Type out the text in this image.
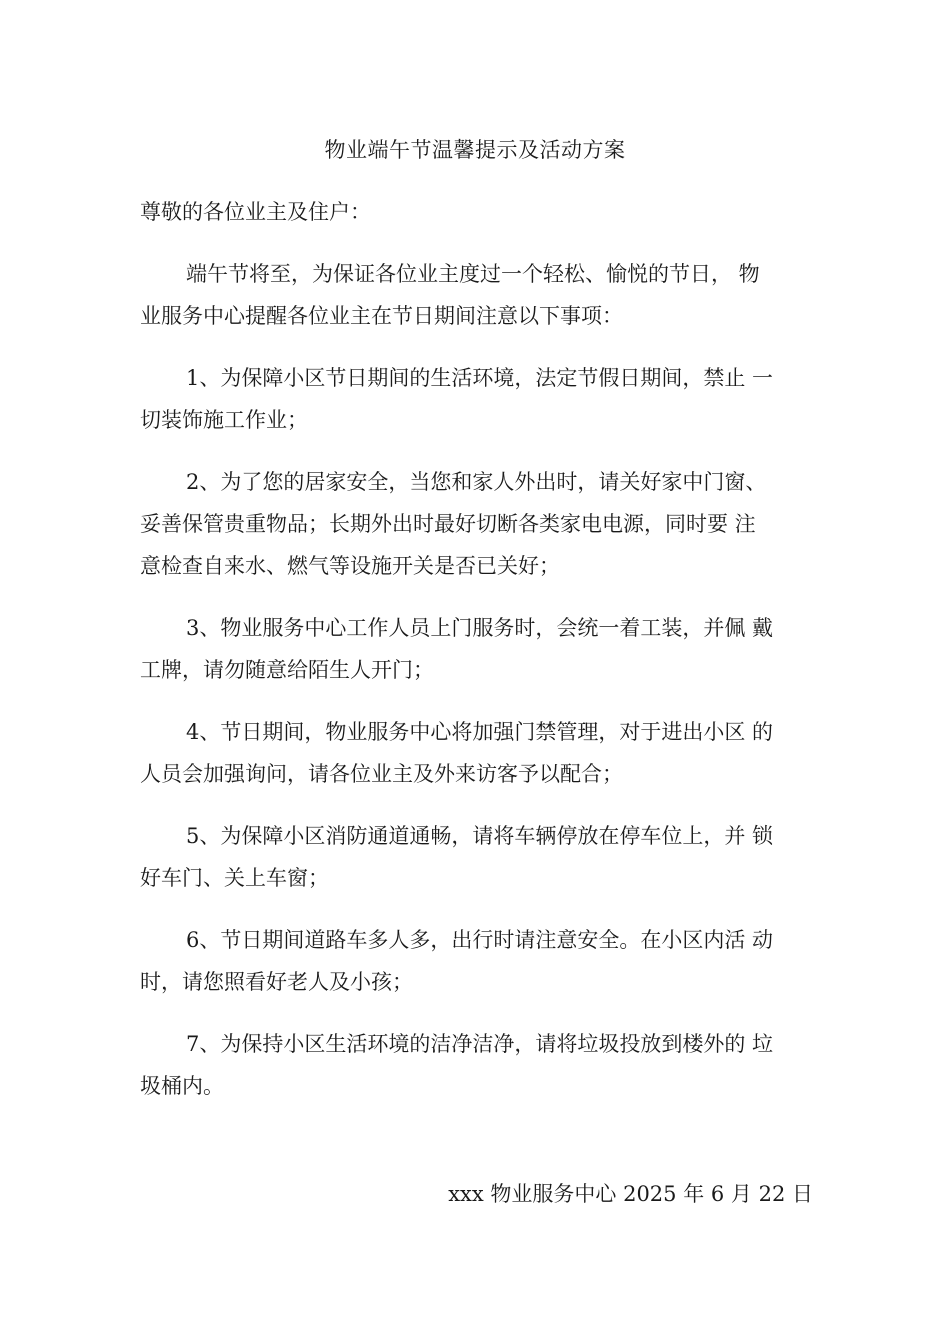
物业端午节温馨提示及活动方案
尊敬的各位业主及住户：
端午节将至，为保证各位业主度过一个轻松、愉悦的节日， 物
业服务中心提醒各位业主在节日期间注意以下事项：
1、为保障小区节日期间的生活环境，法定节假日期间，禁止 一
切装饰施工作业；
2、为了您的居家安全，当您和家人外出时，请关好家中门窗、
妥善保管贵重物品；长期外出时最好切断各类家电电源，同时要 注
意检查自来水、燃气等设施开关是否已关好；
3、物业服务中心工作人员上门服务时，会统一着工装，并佩 戴
工牌，请勿随意给陌生人开门；
4、节日期间，物业服务中心将加强门禁管理，对于进出小区 的
人员会加强询问，请各位业主及外来访客予以配合；
5、为保障小区消防通道通畅，请将车辆停放在停车位上，并 锁
好车门、关上车窗；
6、节日期间道路车多人多，出行时请注意安全。在小区内活 动
时，请您照看好老人及小孩；
7、为保持小区生活环境的洁净洁净，请将垃圾投放到楼外的 垃
圾桶内。
xxx 物业服务中心 2025 年 6 月 22 日
